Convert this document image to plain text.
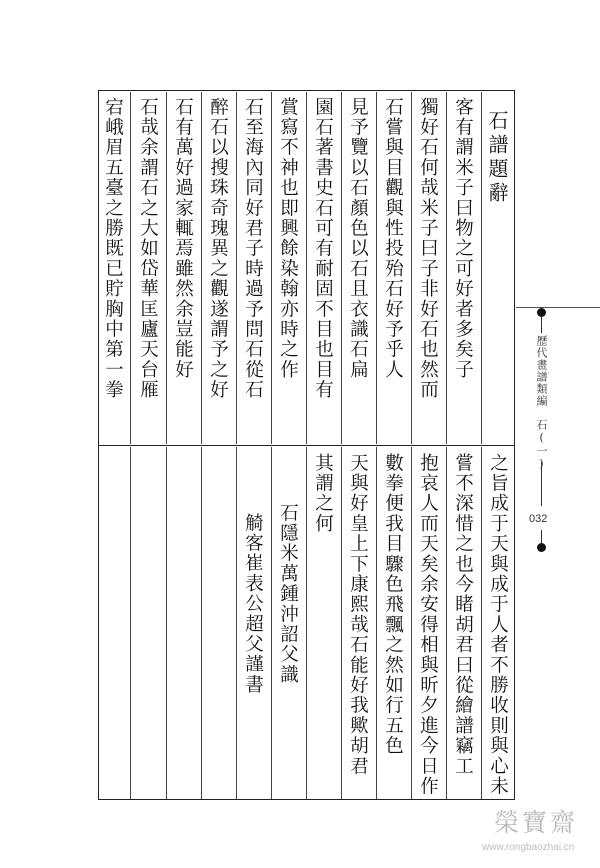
石譜題辭
客有謂米子曰物之可好者多矣子
獨好石何哉米子曰子非好石也然而
石嘗與目觀與性投殆石好予乎人
見予覽以石顏色以石且衣識石扁
園石著書史石可有耐固不目也目有
賞寫不神也即興餘染翰亦時之作
石至海內同好君子時過予問石從石
醉石以搜珠奇瑰異之觀遂謂予之好
石有萬好過家輒焉雖然余豈能好
石哉余謂石之大如岱華匡廬天台雁
宕峨眉五臺之勝既已貯胸中第一拳
之旨成于天與成于人者不勝收則與心未
嘗不深惜之也今睹胡君曰從繪譜竊工
抱哀人而天矣余安得相與昕夕進今日作
數拳便我目驟色飛飄之然如行五色
天與好皇上下康熙哉石能好我歟胡君
其謂之何
石隱米萬鍾沖詔父識
觭客崔表公超父謹書
歷代畫譜類編
石(一)
032
榮寶齋
www.rongbaozhai.cn
